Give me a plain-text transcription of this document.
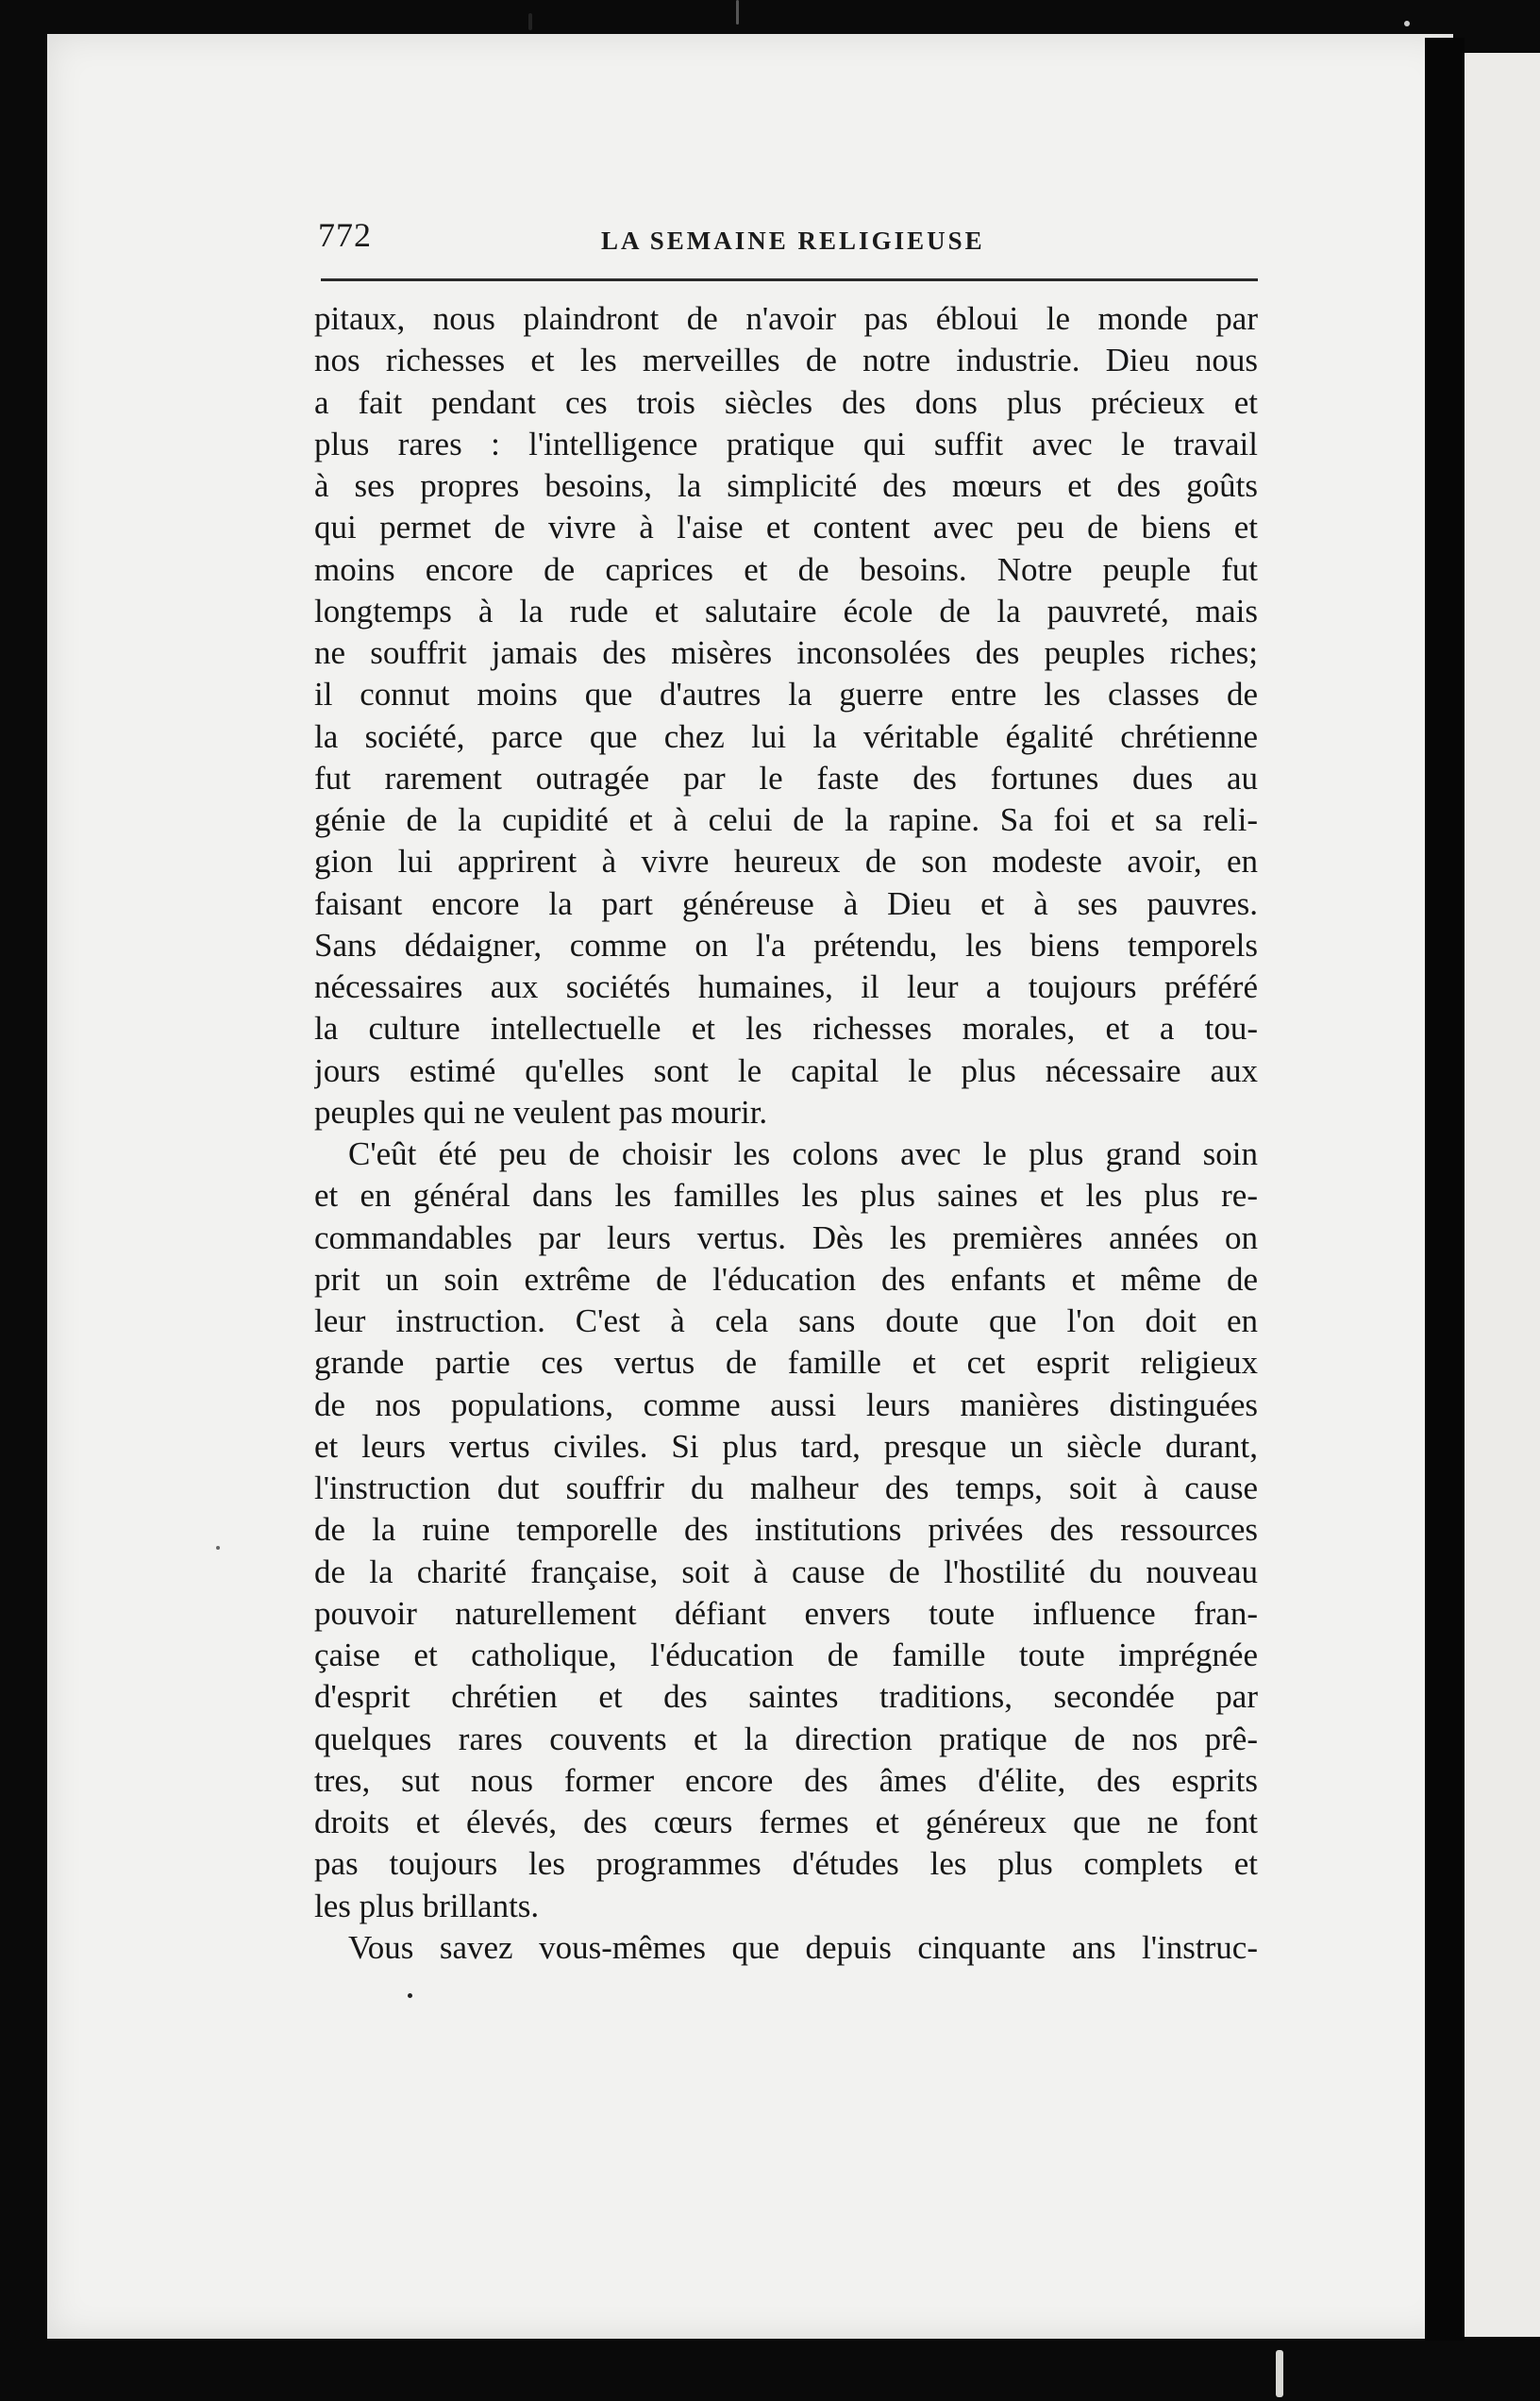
772	LA SEMAINE RELIGIEUSE
pitaux, nous plaindront de n'avoir pas ébloui le monde par
nos richesses et les merveilles de notre industrie. Dieu nous
a fait pendant ces trois siècles des dons plus précieux et
plus rares : l'intelligence pratique qui suffit avec le travail
à ses propres besoins, la simplicité des mœurs et des goûts
qui permet de vivre à l'aise et content avec peu de biens et
moins encore de caprices et de besoins. Notre peuple fut
longtemps à la rude et salutaire école de la pauvreté, mais
ne souffrit jamais des misères inconsolées des peuples riches;
il connut moins que d'autres la guerre entre les classes de
la société, parce que chez lui la véritable égalité chrétienne
fut rarement outragée par le faste des fortunes dues au
génie de la cupidité et à celui de la rapine. Sa foi et sa reli-
gion lui apprirent à vivre heureux de son modeste avoir, en
faisant encore la part généreuse à Dieu et à ses pauvres.
Sans dédaigner, comme on l'a prétendu, les biens temporels
nécessaires aux sociétés humaines, il leur a toujours préféré
la culture intellectuelle et les richesses morales, et a tou-
jours estimé qu'elles sont le capital le plus nécessaire aux
peuples qui ne veulent pas mourir.
C'eût été peu de choisir les colons avec le plus grand soin
et en général dans les familles les plus saines et les plus re-
commandables par leurs vertus. Dès les premières années on
prit un soin extrême de l'éducation des enfants et même de
leur instruction. C'est à cela sans doute que l'on doit en
grande partie ces vertus de famille et cet esprit religieux
de nos populations, comme aussi leurs manières distinguées
et leurs vertus civiles. Si plus tard, presque un siècle durant,
l'instruction dut souffrir du malheur des temps, soit à cause
de la ruine temporelle des institutions privées des ressources
de la charité française, soit à cause de l'hostilité du nouveau
pouvoir naturellement défiant envers toute influence fran-
çaise et catholique, l'éducation de famille toute imprégnée
d'esprit chrétien et des saintes traditions, secondée par
quelques rares couvents et la direction pratique de nos prê-
tres, sut nous former encore des âmes d'élite, des esprits
droits et élevés, des cœurs fermes et généreux que ne font
pas toujours les programmes d'études les plus complets et
les plus brillants.
Vous savez vous-mêmes que depuis cinquante ans l'instruc-
